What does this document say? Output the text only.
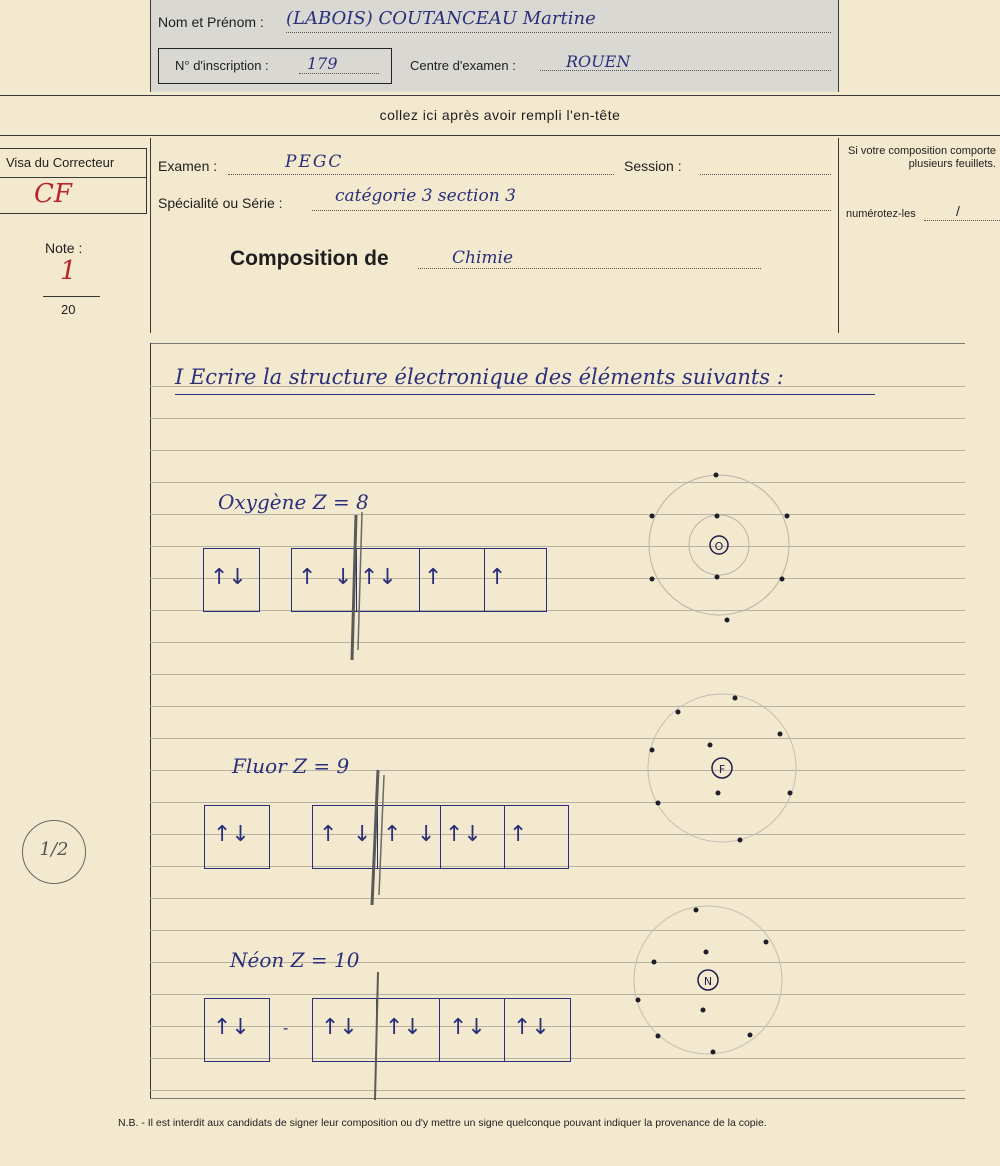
Nom et Prénom : (LABOIS) COUTANCEAU Martine
N° d'inscription : 179	Centre d'examen :	ROUEN
collez ici après avoir rempli l'en-tête
Visa du Correcteur
CF
Note :
1
20
1/2
Examen :	PEGC	Session :
Spécialité ou Série :	catégorie 3 section 3
Composition de	Chimie
Si votre composition comporte plusieurs feuillets.
numérotez-les	/
I Ecrire la structure électronique des éléments suivants :
Oxygène Z = 8
↑↓ ↑ ↓ ↑↓ ↑ ↑
O
Fluor Z = 9
↑↓	↑ ↓ ↑ ↓ ↑↓ ↑
F
Néon Z = 10
↑↓ - ↑↓ ↑↓ ↑↓ ↑↓
N
N.B. - Il est interdit aux candidats de signer leur composition ou d'y mettre un signe quelconque pouvant indiquer la provenance de la copie.
